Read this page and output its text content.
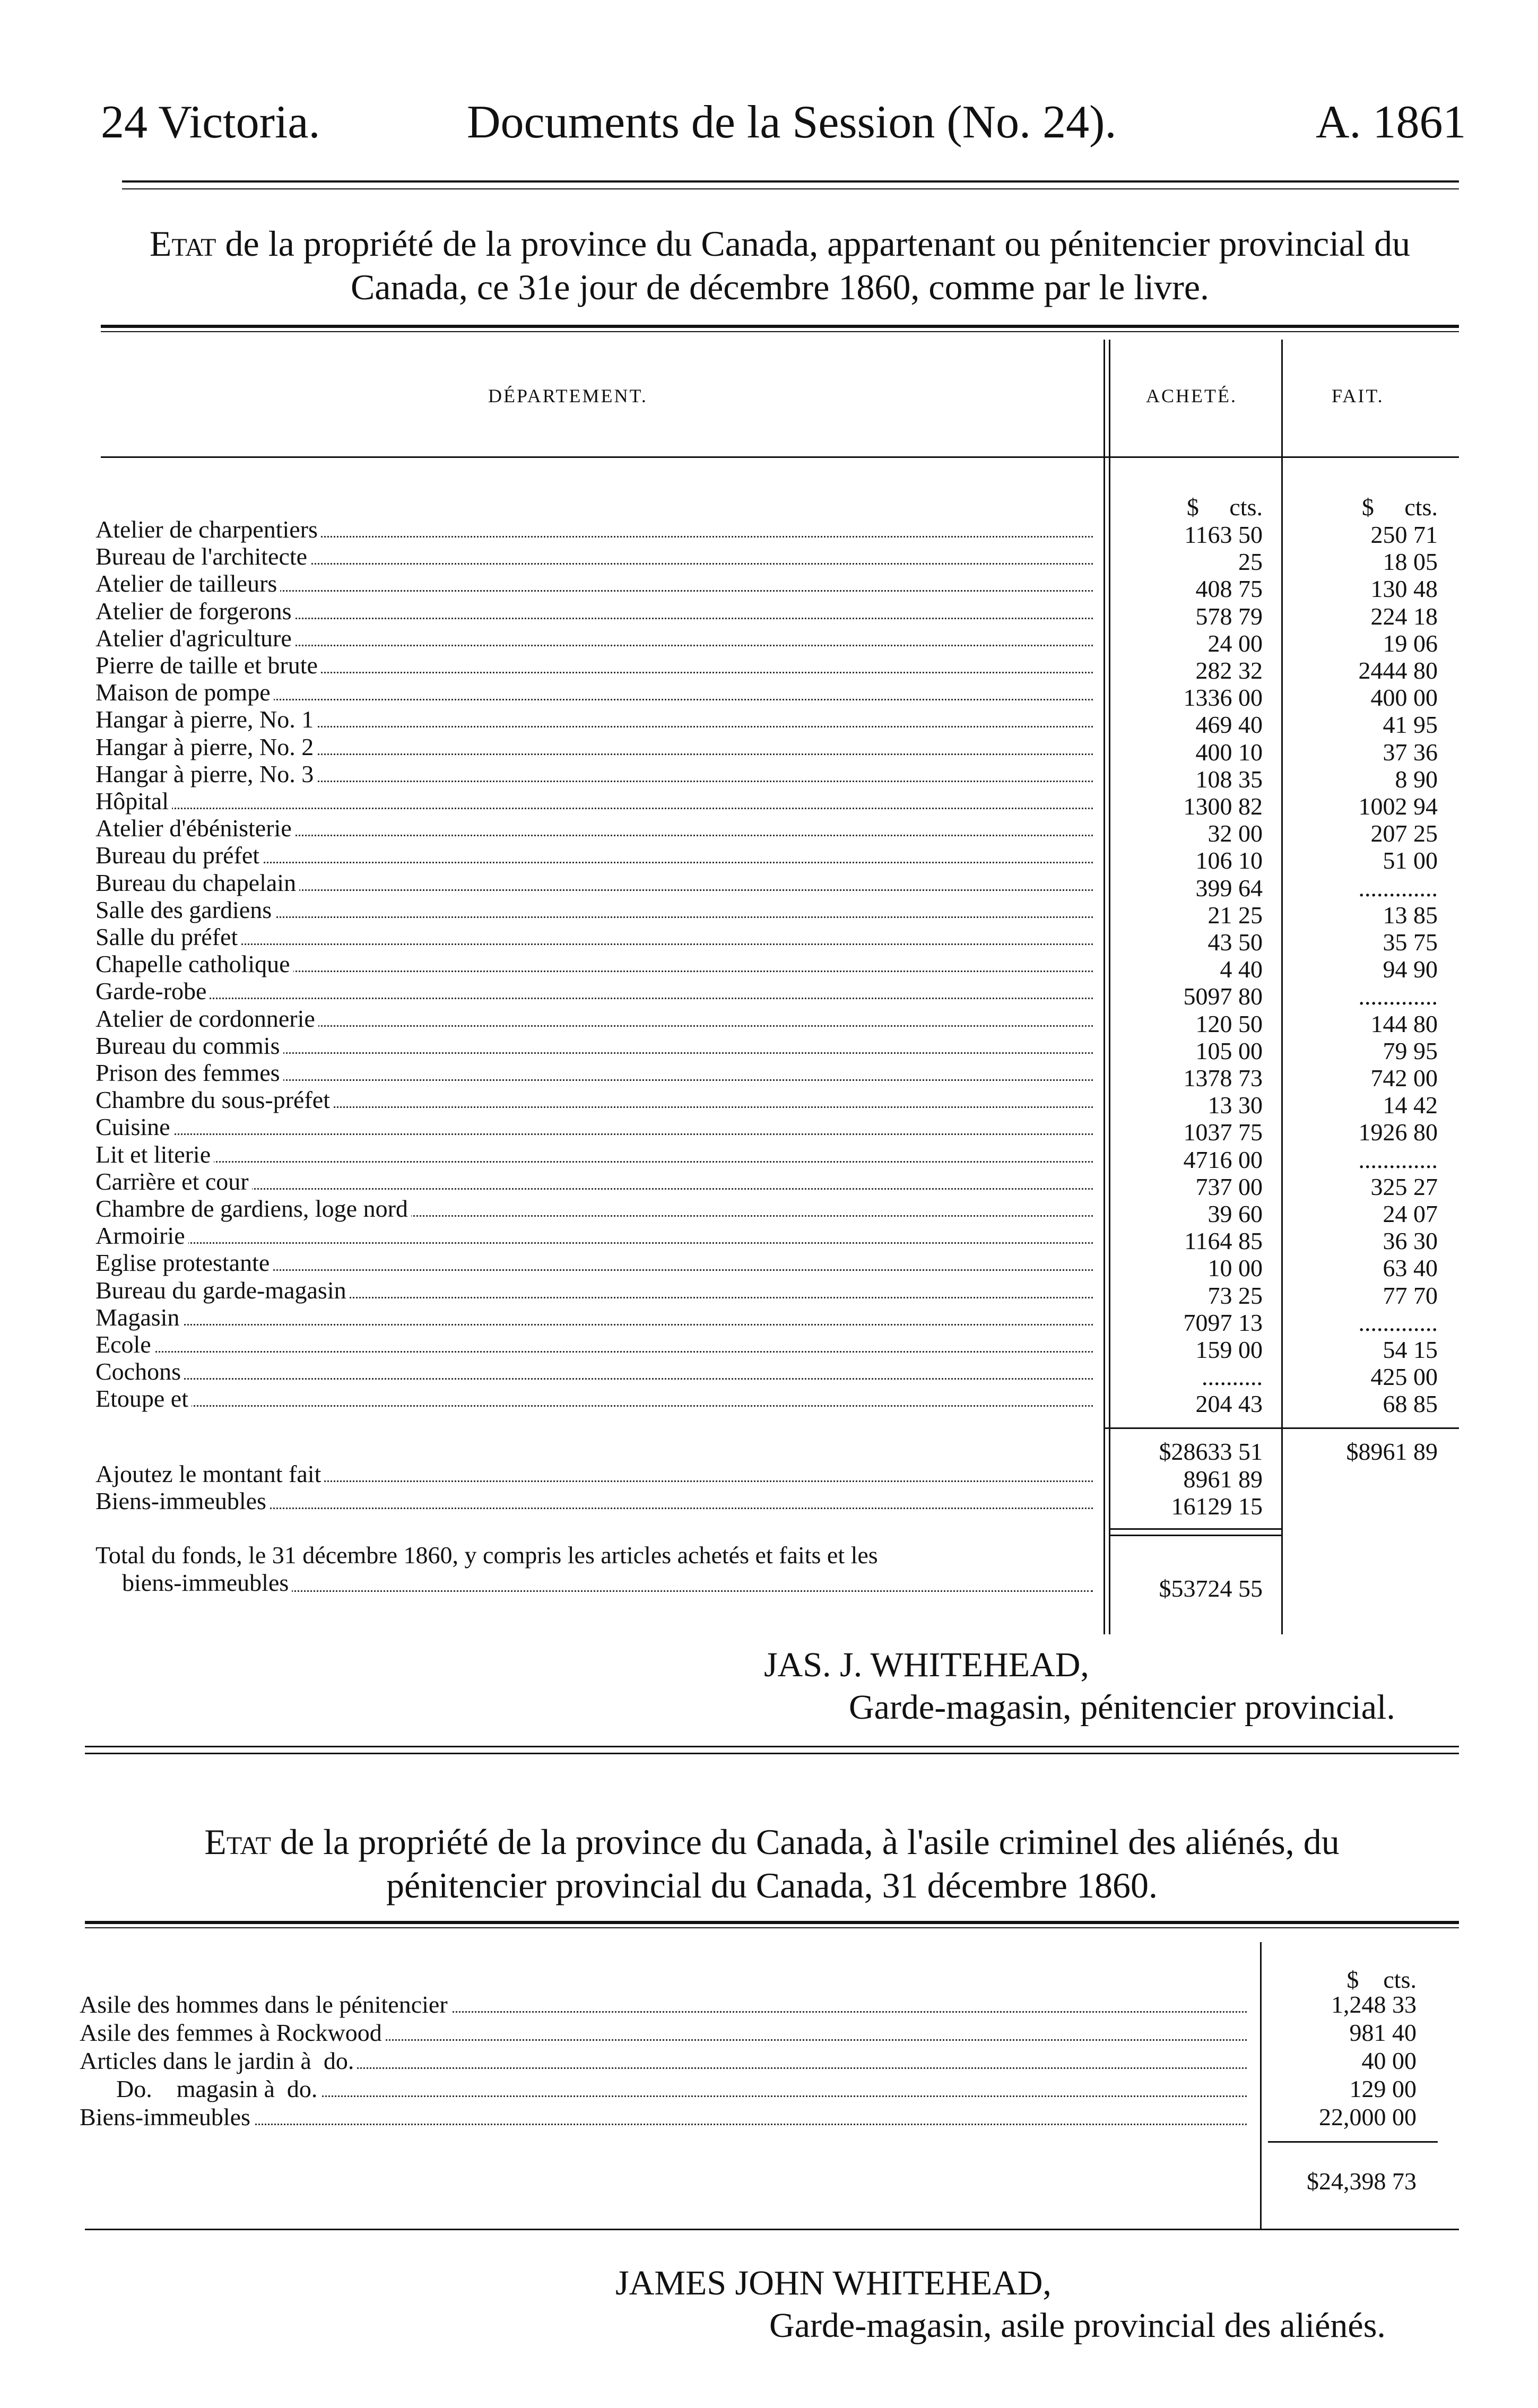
24 Victoria.	Documents de la Session (No. 24).	A. 1861
Etat de la propriété de la province du Canada, appartenant ou pénitencier provincial du
Canada, ce 31e jour de décembre 1860, comme par le livre.
DÉPARTEMENT.	ACHETÉ.	FAIT.
$     cts.	$     cts.
Atelier de charpentiers	1163 50	250 71
Bureau de l'architecte	25	18 05
Atelier de tailleurs	408 75	130 48
Atelier de forgerons	578 79	224 18
Atelier d'agriculture	24 00	19 06
Pierre de taille et brute	282 32	2444 80
Maison de pompe	1336 00	400 00
Hangar à pierre, No. 1	469 40	41 95
Hangar à pierre, No. 2	400 10	37 36
Hangar à pierre, No. 3	108 35	8 90
Hôpital	1300 82	1002 94
Atelier d'ébénisterie	32 00	207 25
Bureau du préfet	106 10	51 00
Bureau du chapelain	399 64	.............
Salle des gardiens	21 25	13 85
Salle du préfet	43 50	35 75
Chapelle catholique	4 40	94 90
Garde-robe	5097 80	.............
Atelier de cordonnerie	120 50	144 80
Bureau du commis	105 00	79 95
Prison des femmes	1378 73	742 00
Chambre du sous-préfet	13 30	14 42
Cuisine	1037 75	1926 80
Lit et literie	4716 00	.............
Carrière et cour	737 00	325 27
Chambre de gardiens, loge nord	39 60	24 07
Armoirie	1164 85	36 30
Eglise protestante	10 00	63 40
Bureau du garde-magasin	73 25	77 70
Magasin	7097 13	.............
Ecole	159 00	54 15
Cochons	..........	425 00
Etoupe et	204 43	68 85
$28633 51	$8961 89
Ajoutez le montant fait	8961 89
Biens-immeubles	16129 15
Total du fonds, le 31 décembre 1860, y compris les articles achetés et faits et les
biens-immeubles	$53724 55
JAS. J. WHITEHEAD,
Garde-magasin, pénitencier provincial.
Etat de la propriété de la province du Canada, à l'asile criminel des aliénés, du
pénitencier provincial du Canada, 31 décembre 1860.
$    cts.
Asile des hommes dans le pénitencier	1,248 33
Asile des femmes à Rockwood	981 40
Articles dans le jardin à  do.	40 00
Do.    magasin à  do.	129 00
Biens-immeubles	22,000 00
$24,398 73
JAMES JOHN WHITEHEAD,
Garde-magasin, asile provincial des aliénés.
